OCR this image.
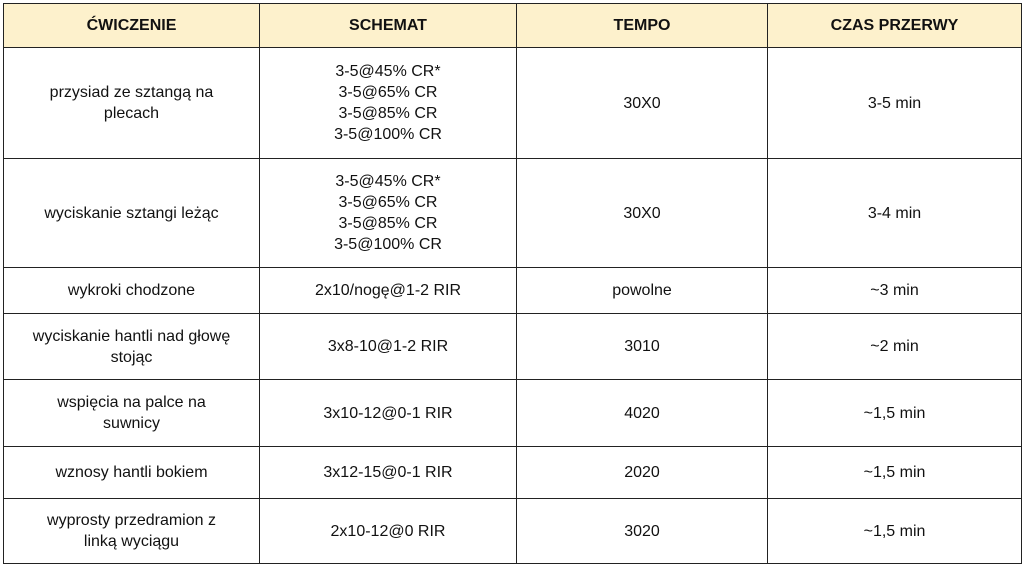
ĆWICZENIE	SCHEMAT	TEMPO	CZAS PRZERWY

przysiad ze sztangą na
plecach	3-5@45% CR*
3-5@65% CR
3-5@85% CR
3-5@100% CR	30X0	3-5 min

wyciskanie sztangi leżąc	3-5@45% CR*
3-5@65% CR
3-5@85% CR
3-5@100% CR	30X0	3-4 min

wykroki chodzone	2x10/nogę@1-2 RIR	powolne	~3 min

wyciskanie hantli nad głowę
stojąc	3x8-10@1-2 RIR	3010	~2 min

wspięcia na palce na
suwnicy	3x10-12@0-1 RIR	4020	~1,5 min

wznosy hantli bokiem	3x12-15@0-1 RIR	2020	~1,5 min

wyprosty przedramion z
linką wyciągu	2x10-12@0 RIR	3020	~1,5 min
